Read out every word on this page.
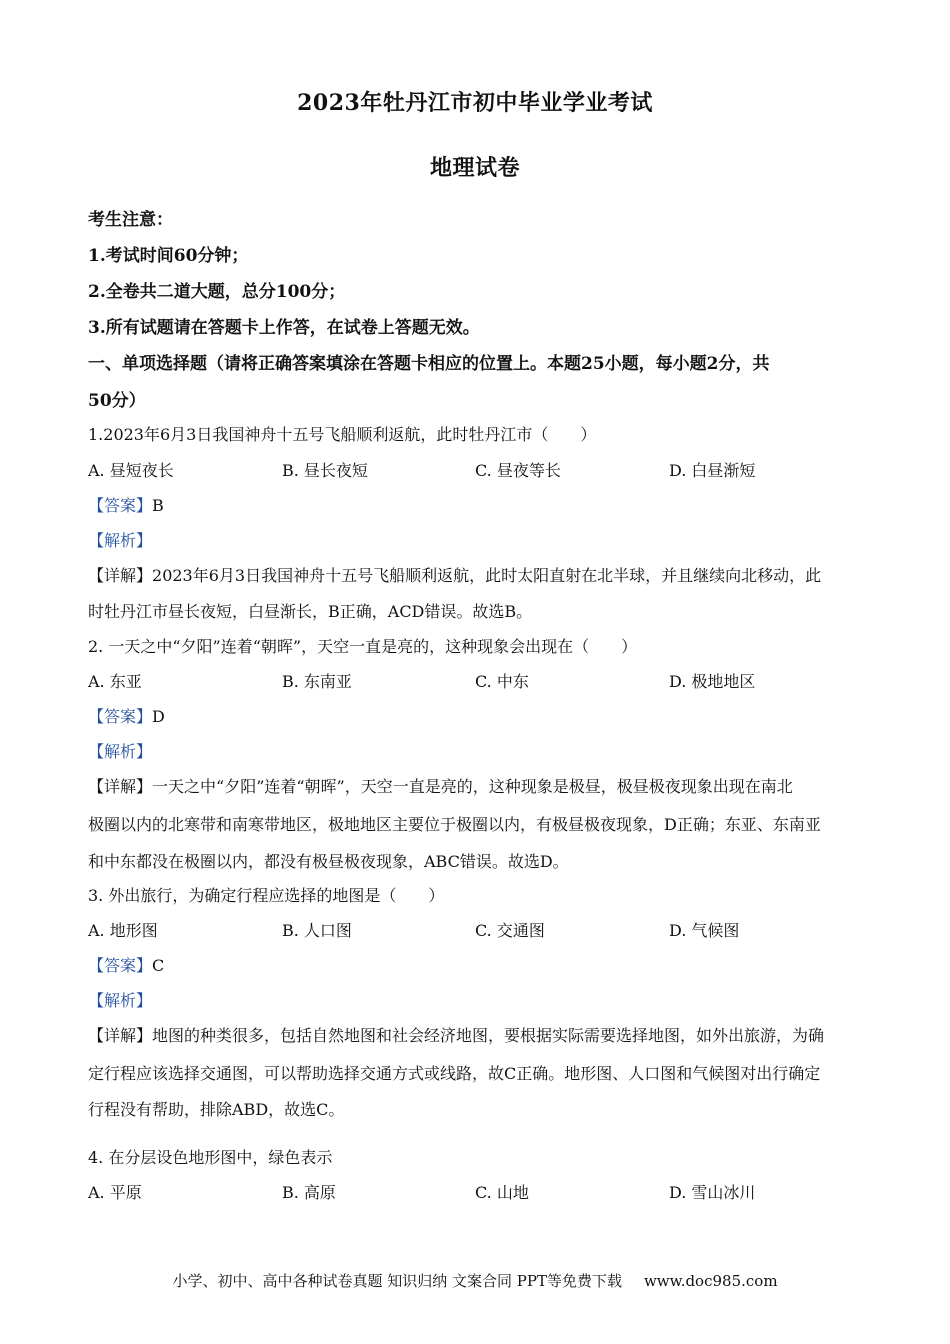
2023年牡丹江市初中毕业学业考试
地理试卷
考生注意：
1.考试时间60分钟；
2.全卷共二道大题，总分100分；
3.所有试题请在答题卡上作答，在试卷上答题无效。
一、单项选择题（请将正确答案填涂在答题卡相应的位置上。本题25小题，每小题2分，共
50分）
1.2023年6月3日我国神舟十五号飞船顺利返航，此时牡丹江市（　　）
A. 昼短夜长	B. 昼长夜短	C. 昼夜等长	D. 白昼渐短
【答案】B
【解析】
【详解】2023年6月3日我国神舟十五号飞船顺利返航，此时太阳直射在北半球，并且继续向北移动，此
时牡丹江市昼长夜短，白昼渐长，B正确，ACD错误。故选B。
2. 一天之中“夕阳”连着“朝晖”，天空一直是亮的，这种现象会出现在（　　）
A. 东亚	B. 东南亚	C. 中东	D. 极地地区
【答案】D
【解析】
【详解】一天之中“夕阳”连着“朝晖”，天空一直是亮的，这种现象是极昼，极昼极夜现象出现在南北
极圈以内的北寒带和南寒带地区，极地地区主要位于极圈以内，有极昼极夜现象，D正确；东亚、东南亚
和中东都没在极圈以内，都没有极昼极夜现象，ABC错误。故选D。
3. 外出旅行，为确定行程应选择的地图是（　　）
A. 地形图	B. 人口图	C. 交通图	D. 气候图
【答案】C
【解析】
【详解】地图的种类很多，包括自然地图和社会经济地图，要根据实际需要选择地图，如外出旅游，为确
定行程应该选择交通图，可以帮助选择交通方式或线路，故C正确。地形图、人口图和气候图对出行确定
行程没有帮助，排除ABD，故选C。
4. 在分层设色地形图中，绿色表示
A. 平原	B. 高原	C. 山地	D. 雪山冰川
小学、初中、高中各种试卷真题 知识归纳 文案合同 PPT等免费下载 www.doc985.com
